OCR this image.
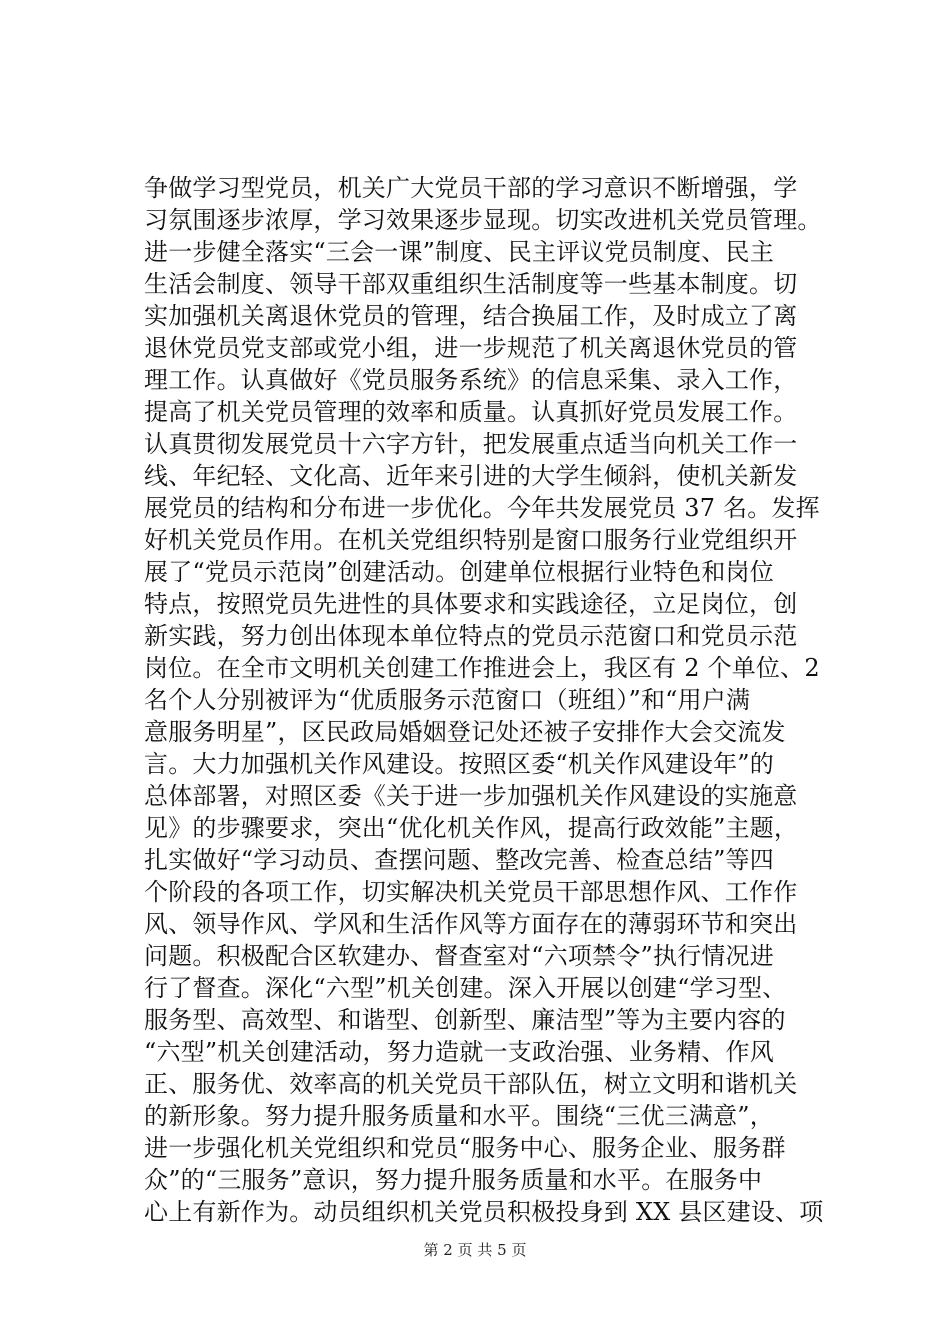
争做学习型党员，机关广大党员干部的学习意识不断增强，学
习氛围逐步浓厚，学习效果逐步显现。切实改进机关党员管理。
进一步健全落实“三会一课”制度、民主评议党员制度、民主
生活会制度、领导干部双重组织生活制度等一些基本制度。切
实加强机关离退休党员的管理，结合换届工作，及时成立了离
退休党员党支部或党小组，进一步规范了机关离退休党员的管
理工作。认真做好《党员服务系统》的信息采集、录入工作，
提高了机关党员管理的效率和质量。认真抓好党员发展工作。
认真贯彻发展党员十六字方针，把发展重点适当向机关工作一
线、年纪轻、文化高、近年来引进的大学生倾斜，使机关新发
展党员的结构和分布进一步优化。今年共发展党员 37 名。发挥
好机关党员作用。在机关党组织特别是窗口服务行业党组织开
展了“党员示范岗”创建活动。创建单位根据行业特色和岗位
特点，按照党员先进性的具体要求和实践途径，立足岗位，创
新实践，努力创出体现本单位特点的党员示范窗口和党员示范
岗位。在全市文明机关创建工作推进会上，我区有 2 个单位、2
名个人分别被评为“优质服务示范窗口（班组）”和“用户满
意服务明星”，区民政局婚姻登记处还被子安排作大会交流发
言。大力加强机关作风建设。按照区委“机关作风建设年”的
总体部署，对照区委《关于进一步加强机关作风建设的实施意
见》的步骤要求，突出“优化机关作风，提高行政效能”主题，
扎实做好“学习动员、查摆问题、整改完善、检查总结”等四
个阶段的各项工作，切实解决机关党员干部思想作风、工作作
风、领导作风、学风和生活作风等方面存在的薄弱环节和突出
问题。积极配合区软建办、督查室对“六项禁令”执行情况进
行了督查。深化“六型”机关创建。深入开展以创建“学习型、
服务型、高效型、和谐型、创新型、廉洁型”等为主要内容的
“六型”机关创建活动，努力造就一支政治强、业务精、作风
正、服务优、效率高的机关党员干部队伍，树立文明和谐机关
的新形象。努力提升服务质量和水平。围绕“三优三满意”，
进一步强化机关党组织和党员“服务中心、服务企业、服务群
众”的“三服务”意识，努力提升服务质量和水平。在服务中
心上有新作为。动员组织机关党员积极投身到 XX 县区建设、项
第 2 页 共 5 页
